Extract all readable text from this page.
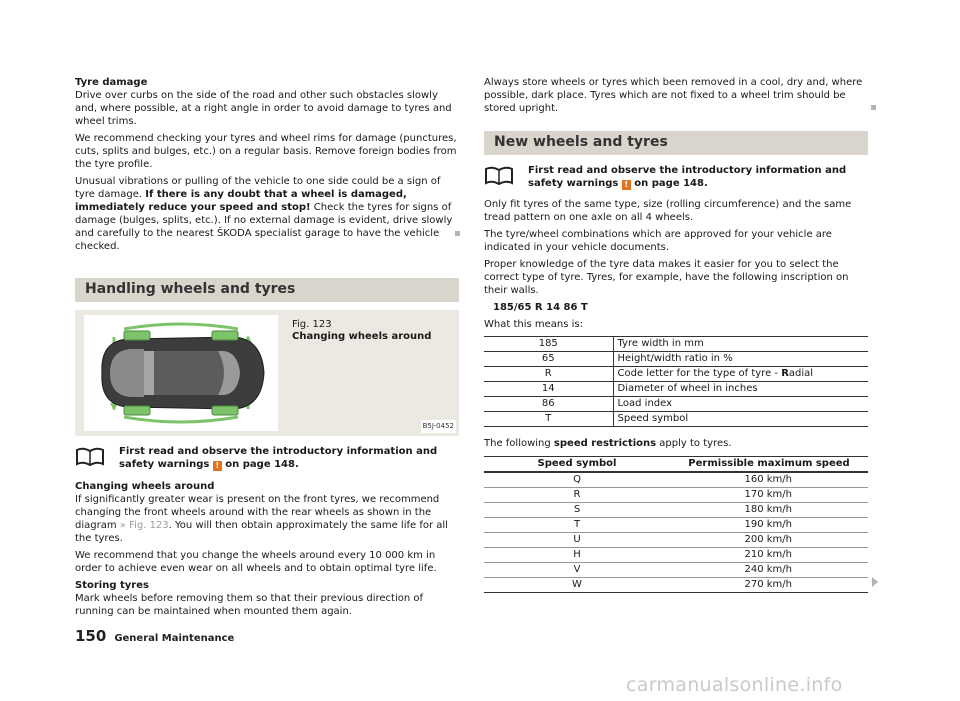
Tyre damage

Drive over curbs on the side of the road and other such obstacles slowly and, where possible, at a right angle in order to avoid damage to tyres and wheel trims.

We recommend checking your tyres and wheel rims for damage (punctures, cuts, splits and bulges, etc.) on a regular basis. Remove foreign bodies from the tyre profile.

Unusual vibrations or pulling of the vehicle to one side could be a sign of tyre damage. If there is any doubt that a wheel is damaged, immediately reduce your speed and stop! Check the tyres for signs of damage (bulges, splits, etc.). If no external damage is evident, drive slowly and carefully to the nearest ŠKODA specialist garage to have the vehicle checked.

Handling wheels and tyres
B5J-0452
Fig. 123
Changing wheels around
First read and observe the introductory information and safety warnings ! on page 148.

Changing wheels around

If significantly greater wear is present on the front tyres, we recommend changing the front wheels around with the rear wheels as shown in the diagram » Fig. 123. You will then obtain approximately the same life for all the tyres.

We recommend that you change the wheels around every 10 000 km in order to achieve even wear on all wheels and to obtain optimal tyre life.

Storing tyres

Mark wheels before removing them so that their previous direction of running can be maintained when mounted them again.

Always store wheels or tyres which been removed in a cool, dry and, where possible, dark place. Tyres which are not fixed to a wheel trim should be stored upright.

New wheels and tyres
First read and observe the introductory information and safety warnings ! on page 148.

Only fit tyres of the same type, size (rolling circumference) and the same tread pattern on one axle on all 4 wheels.

The tyre/wheel combinations which are approved for your vehicle are indicated in your vehicle documents.

Proper knowledge of the tyre data makes it easier for you to select the correct type of tyre. Tyres, for example, have the following inscription on their walls.

185/65 R 14 86 T

What this means is:

185	Tyre width in mm
65	Height/width ratio in %
R	Code letter for the type of tyre - Radial
14	Diameter of wheel in inches
86	Load index
T	Speed symbol

The following speed restrictions apply to tyres.

Speed symbol	Permissible maximum speed
Q	160 km/h
R	170 km/h
S	180 km/h
T	190 km/h
U	200 km/h
H	210 km/h
V	240 km/h
W	270 km/h
150 General Maintenance
carmanualsonline.info
